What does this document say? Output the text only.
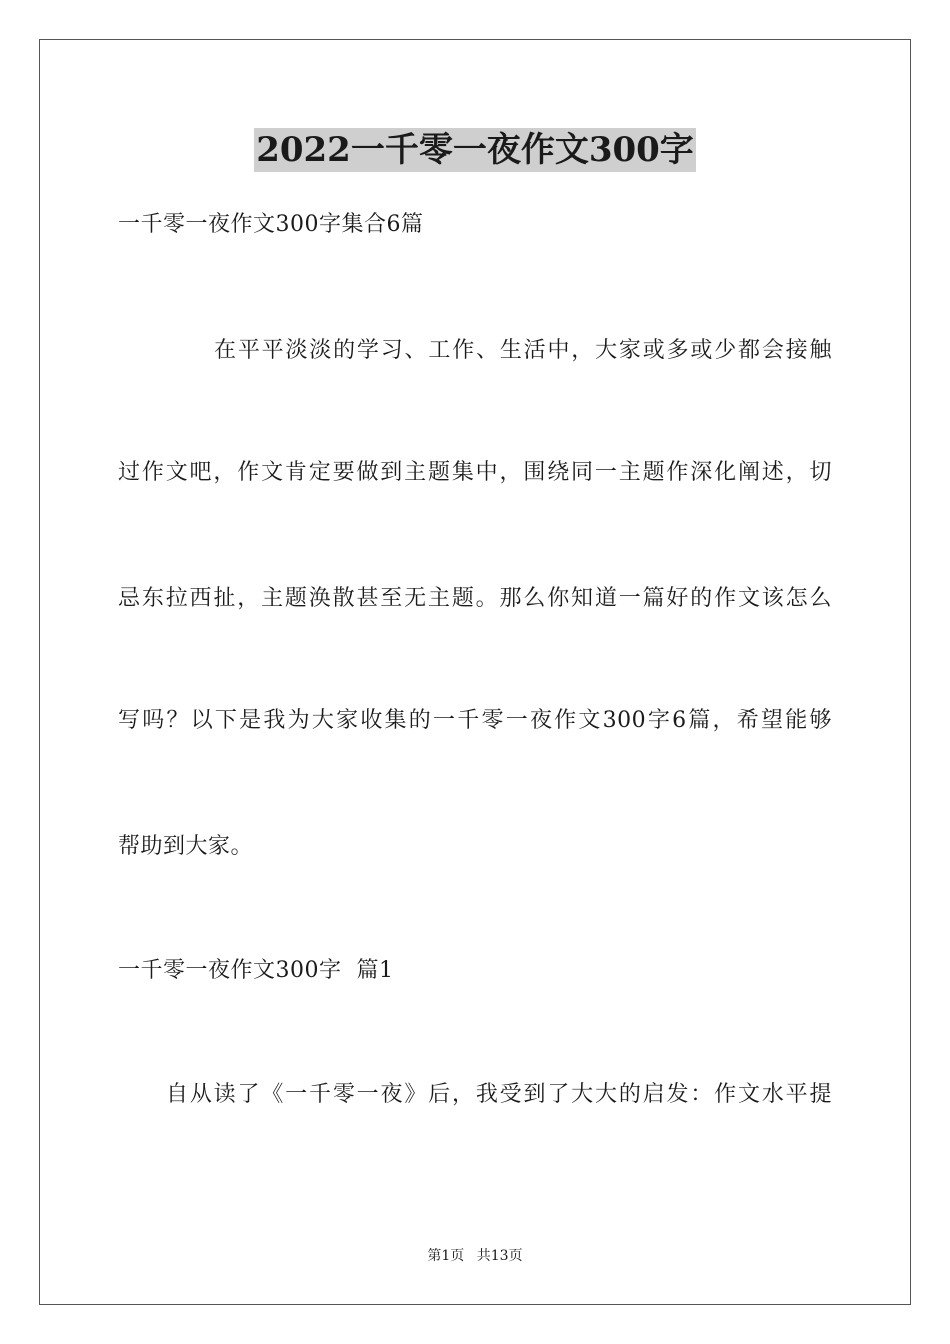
2022一千零一夜作文300字
一千零一夜作文300字集合6篇
在平平淡淡的学习、工作、生活中，大家或多或少都会接触
过作文吧，作文肯定要做到主题集中，围绕同一主题作深化阐述，切
忌东拉西扯，主题涣散甚至无主题。那么你知道一篇好的作文该怎么
写吗？以下是我为大家收集的一千零一夜作文300字6篇，希望能够
帮助到大家。
一千零一夜作文300字  篇1
自从读了《一千零一夜》后，我受到了大大的启发：作文水平提
第1页 共13页
